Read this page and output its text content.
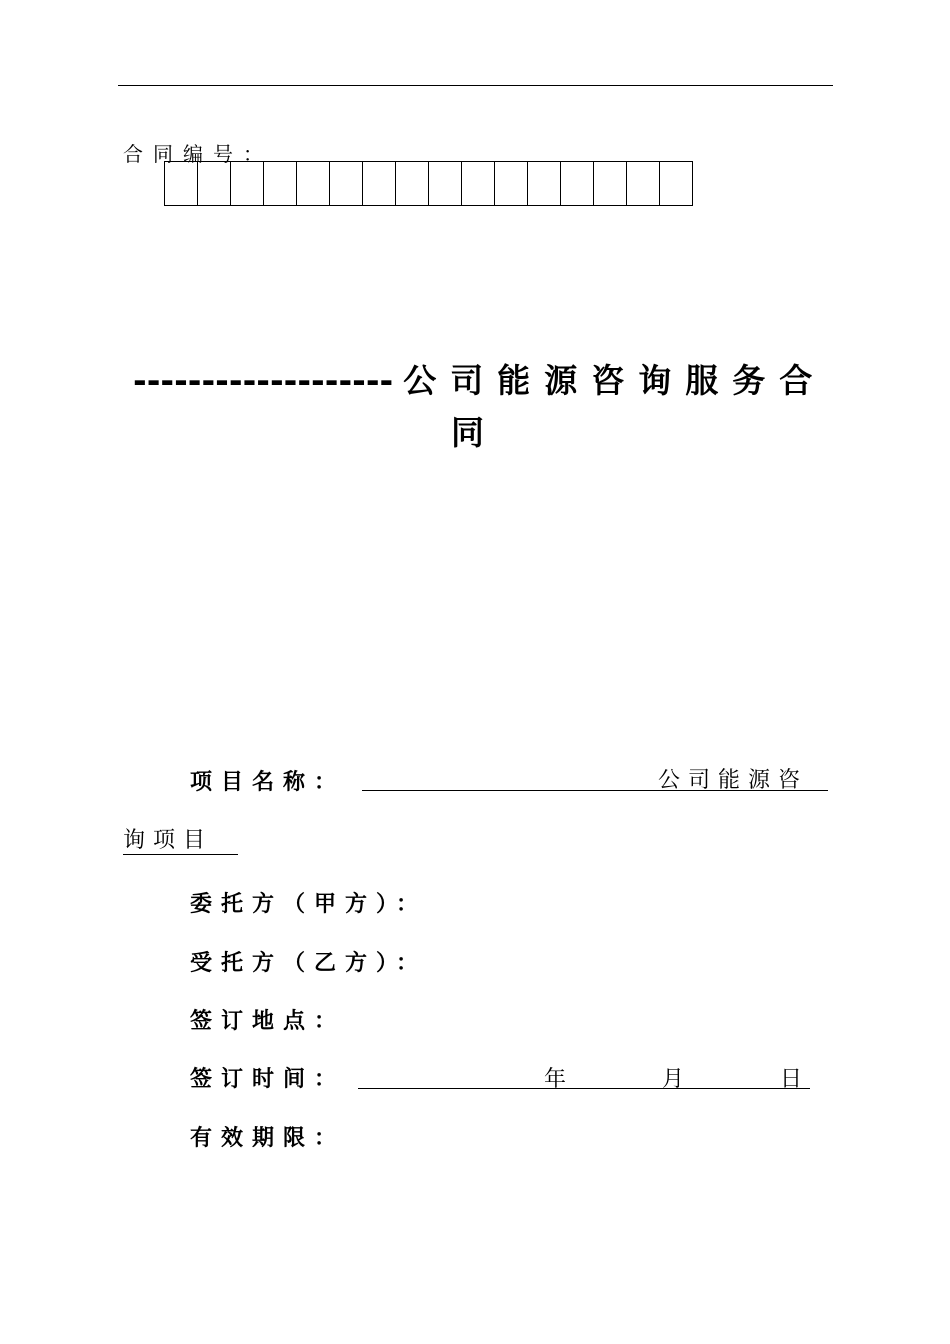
合同编号：
------------------- 公司能源咨询服务合
同
项目名称：	公司能源咨
询项目
委托方（甲方）：
受托方（乙方）：
签订地点：
签订时间：	年	月	日
有效期限：
